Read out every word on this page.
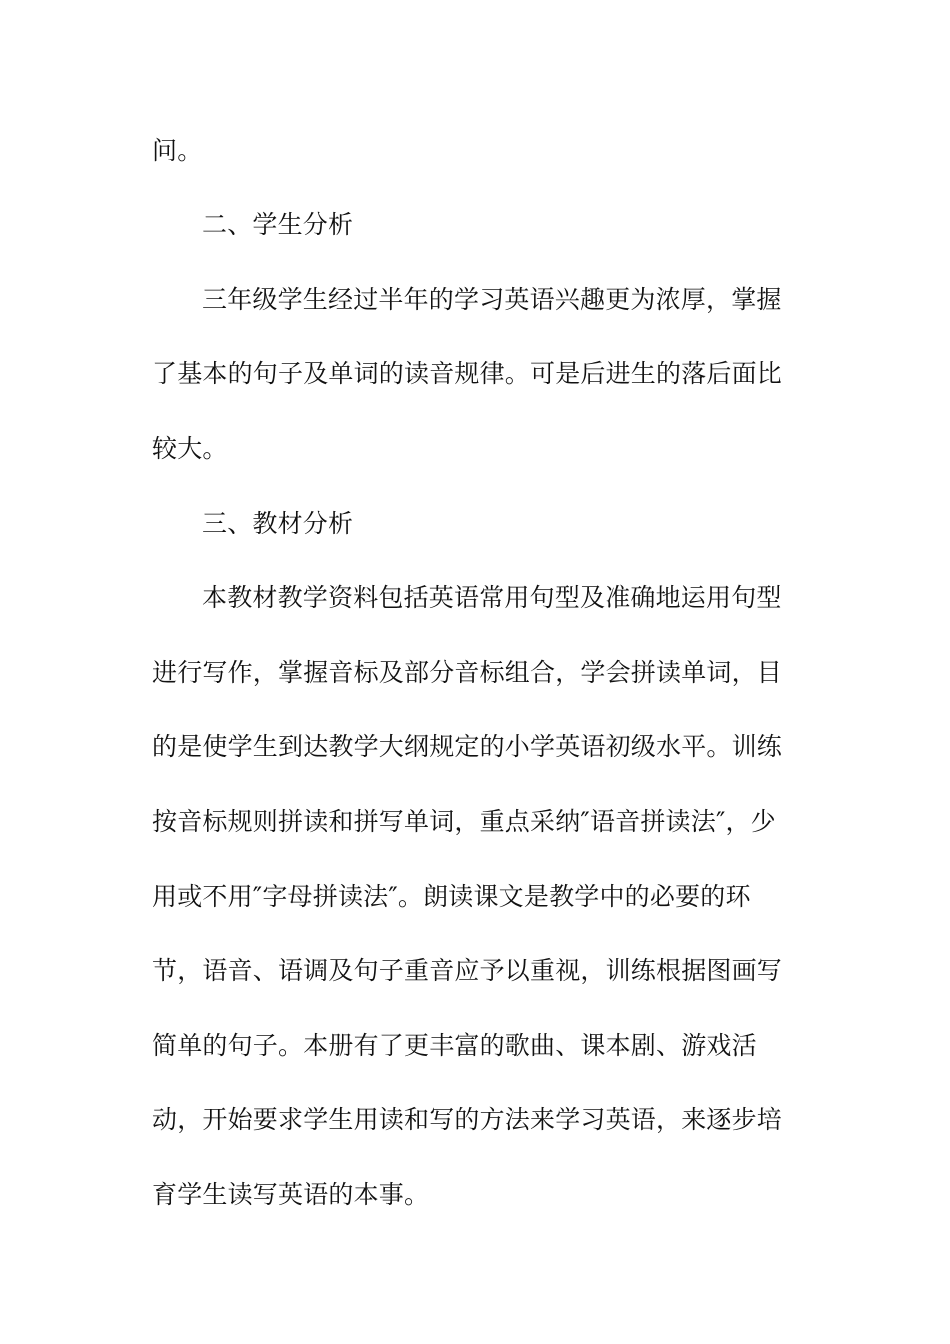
问。
二、学生分析
三年级学生经过半年的学习英语兴趣更为浓厚，掌握
了基本的句子及单词的读音规律。可是后进生的落后面比
较大。
三、教材分析
本教材教学资料包括英语常用句型及准确地运用句型
进行写作，掌握音标及部分音标组合，学会拼读单词，目
的是使学生到达教学大纲规定的小学英语初级水平。训练
按音标规则拼读和拼写单词，重点采纳″语音拼读法″，少
用或不用″字母拼读法″。朗读课文是教学中的必要的环
节，语音、语调及句子重音应予以重视，训练根据图画写
简单的句子。本册有了更丰富的歌曲、课本剧、游戏活
动，开始要求学生用读和写的方法来学习英语，来逐步培
育学生读写英语的本事。
